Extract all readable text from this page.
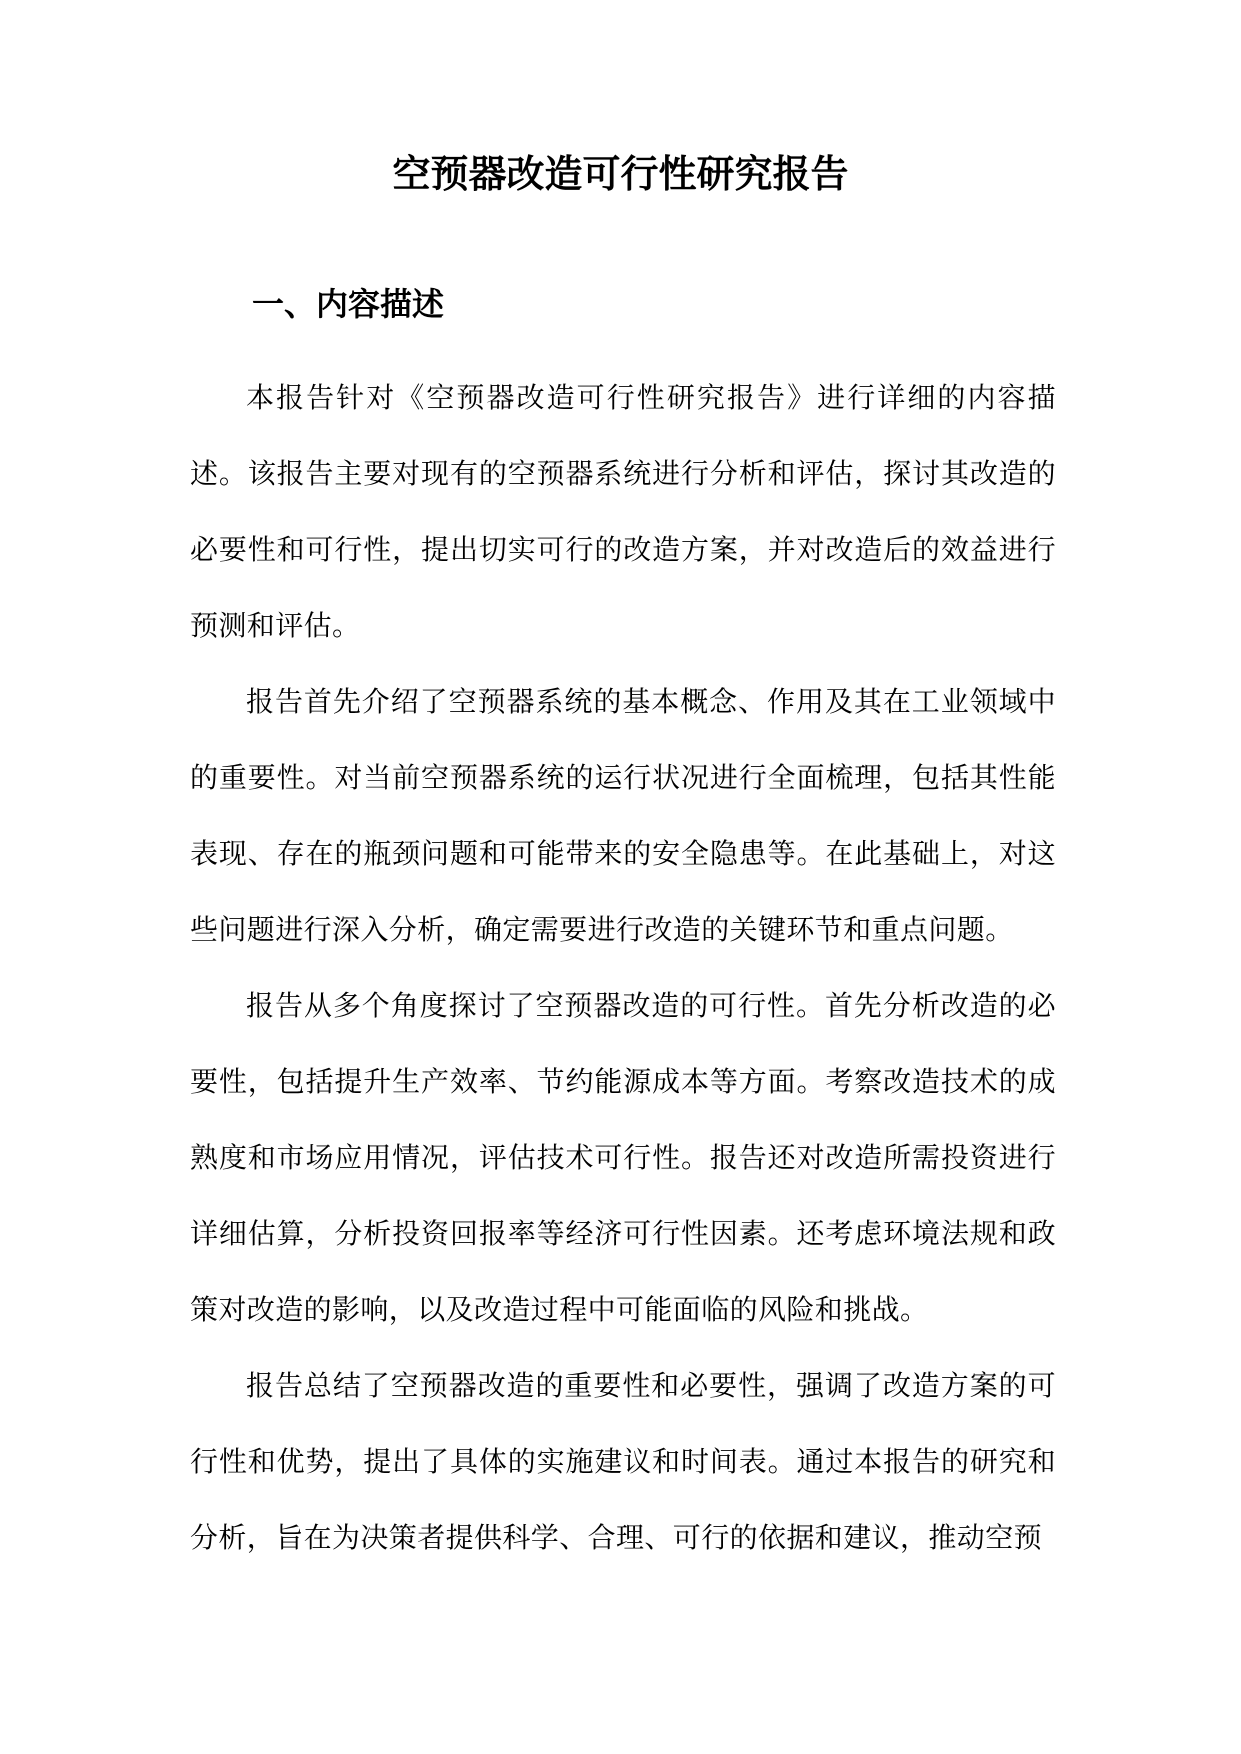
空预器改造可行性研究报告
一、内容描述

本报告针对《空预器改造可行性研究报告》进行详细的内容描述。该报告主要对现有的空预器系统进行分析和评估，探讨其改造的必要性和可行性，提出切实可行的改造方案，并对改造后的效益进行预测和评估。

报告首先介绍了空预器系统的基本概念、作用及其在工业领域中的重要性。对当前空预器系统的运行状况进行全面梳理，包括其性能表现、存在的瓶颈问题和可能带来的安全隐患等。在此基础上，对这些问题进行深入分析，确定需要进行改造的关键环节和重点问题。

报告从多个角度探讨了空预器改造的可行性。首先分析改造的必要性，包括提升生产效率、节约能源成本等方面。考察改造技术的成熟度和市场应用情况，评估技术可行性。报告还对改造所需投资进行详细估算，分析投资回报率等经济可行性因素。还考虑环境法规和政策对改造的影响，以及改造过程中可能面临的风险和挑战。

报告总结了空预器改造的重要性和必要性，强调了改造方案的可行性和优势，提出了具体的实施建议和时间表。通过本报告的研究和分析，旨在为决策者提供科学、合理、可行的依据和建议，推动空预
